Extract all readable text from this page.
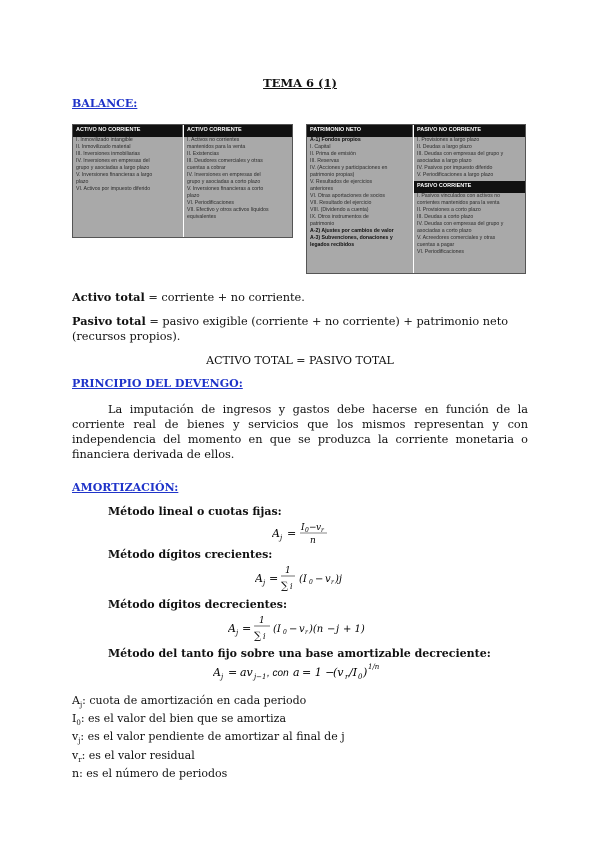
TEMA 6 (1)
BALANCE:
ACTIVO NO CORRIENTE
I. Inmovilizado intangible
II. Inmovilizado material
III. Inversiones inmobiliarias
IV. Inversiones en empresas del
grupo y asociadas a largo plazo
V. Inversiones financieras a largo
plazo
VI. Activos por impuesto diferido
ACTIVO CORRIENTE
I. Activos no corrientes
mantenidos para la venta
II. Existencias
III. Deudores comerciales y otras
cuentas a cobrar
IV. Inversiones en empresas del
grupo y asociadas a corto plazo
V. Inversiones financieras a corto
plazo
VI. Periodificaciones
VII. Efectivo y otros activos líquidos
equivalentes
PATRIMONIO NETO
A-1) Fondos propios
I. Capital
II. Prima de emisión
III. Reservas
IV. (Acciones y participaciones en
patrimonio propias)
V. Resultados de ejercicios
anteriores
VI. Otras aportaciones de socios
VII. Resultado del ejercicio
VIII. (Dividendo a cuenta)
IX. Otros instrumentos de
patrimonio
A-2) Ajustes por cambios de valor
A-3) Subvenciones, donaciones y
legados recibidos
PASIVO NO CORRIENTE
I. Provisiones a largo plazo
II. Deudas a largo plazo
III. Deudas con empresas del grupo y
asociadas a largo plazo
IV. Pasivos por impuesto diferido
V. Periodificaciones a largo plazo
PASIVO CORRIENTE
I. Pasivos vinculados con activos no
corrientes mantenidos para la venta
II. Provisiones a corto plazo
III. Deudas a corto plazo
IV. Deudas con empresas del grupo y
asociadas a corto plazo
V. Acreedores comerciales y otras
cuentas a pagar
VI. Periodificaciones
Activo total = corriente + no corriente.
Pasivo total = pasivo exigible (corriente + no corriente) + patrimonio neto (recursos propios).
ACTIVO TOTAL = PASIVO TOTAL
PRINCIPIO DEL DEVENGO:
La imputación de ingresos y gastos debe hacerse en función de la corriente real de bienes y servicios que los mismos representan y con independencia del momento en que se produzca la corriente monetaria o financiera derivada de ellos.
AMORTIZACIÓN:
Método lineal o cuotas fijas:
A j = I 0 − v r
n
Método dígitos crecientes:
A j =
1
∑ i
(I 0 − v r )j
Método dígitos decrecientes:
A j =
1
∑ i
(I 0 − v r )(n − j + 1)
Método del tanto fijo sobre una base amortizable decreciente:
A j = av j−1 , con a = 1 −
(v r /I 0 ) 1/n
$A_j$: cuota de amortización en cada periodo
$I_0$: es el valor del bien que se amortiza
$v_j$: es el valor pendiente de amortizar al final de j
$v_r$: es el valor residual
n: es el número de periodos
